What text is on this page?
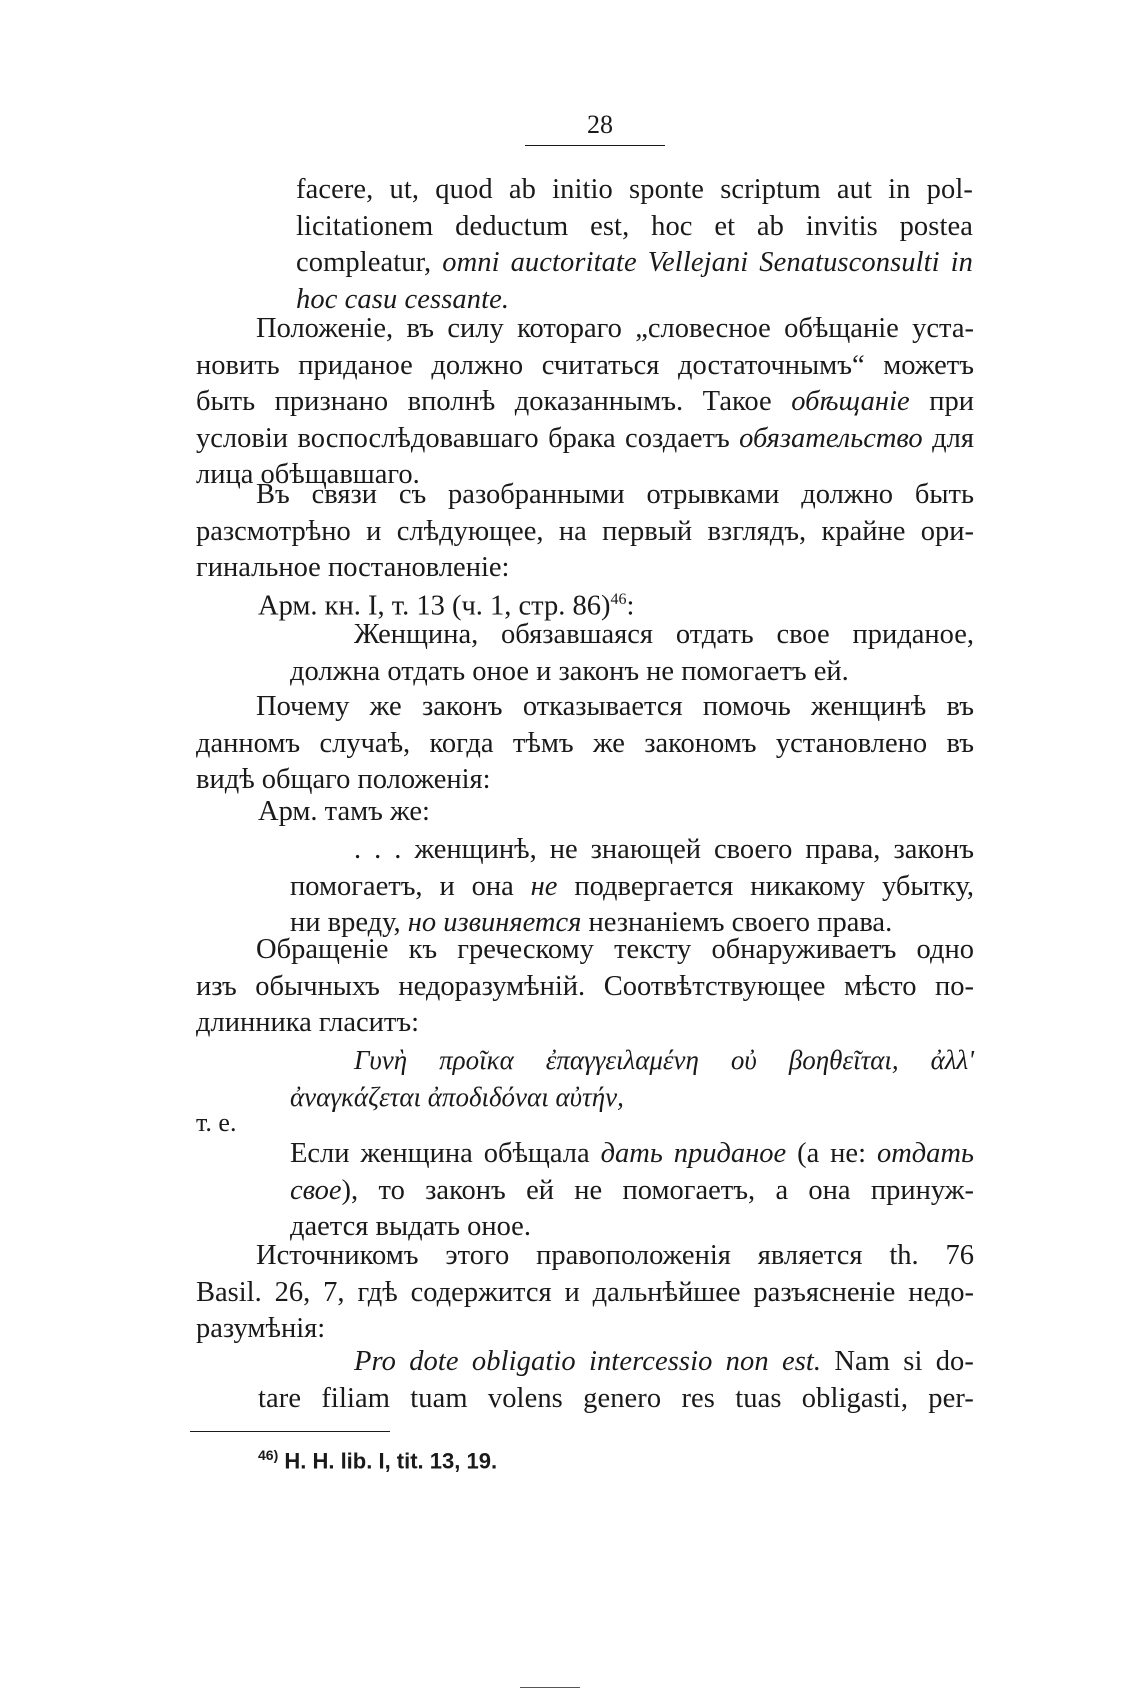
28
facere, ut, quod ab initio sponte scriptum aut in pol-
licitationem deductum est, hoc et ab invitis postea
compleatur, omni auctoritate Vellejani Senatusconsulti in
hoc casu cessante.
Положеніе, въ силу котораго „словесное обѣщаніе уста-
новить приданое должно считаться достаточнымъ“ можетъ
быть признано вполнѣ доказаннымъ. Такое обѣщаніе при
условіи воспослѣдовавшаго брака создаетъ обязательство для
лица обѣщавшаго.
Въ связи съ разобранными отрывками должно быть
разсмотрѣно и слѣдующее, на первый взглядъ, крайне ори-
гинальное постановленіе:
Арм. кн. I, т. 13 (ч. 1, стр. 86)$^{46}$:
Женщина, обязавшаяся отдать свое приданое,
должна отдать оное и законъ не помогаетъ ей.
Почему же законъ отказывается помочь женщинѣ въ
данномъ случаѣ, когда тѣмъ же закономъ установлено въ
видѣ общаго положенія:
Арм. тамъ же:
. . . женщинѣ, не знающей своего права, законъ
помогаетъ, и она не подвергается никакому убытку,
ни вреду, но извиняется незнаніемъ своего права.
Обращеніе къ греческому тексту обнаруживаетъ одно
изъ обычныхъ недоразумѣній. Соотвѣтствующее мѣсто по-
длинника гласитъ:
Γυνὴ προῖκα ἐπαγγειλαμένη οὐ βοηθεῖται, ἀλλ'
ἀναγκάζεται ἀποδιδόναι αὐτήν,
т. е.
Если женщина обѣщала дать приданое (а не: отдать
свое), то законъ ей не помогаетъ, а она принуж-
дается выдать оное.
Источникомъ этого правоположенія является th. 76
Basil. 26, 7, гдѣ содержится и дальнѣйшее разъясненіе недо-
разумѣнія:
Pro dote obligatio intercessio non est. Nam si do-
tare filiam tuam volens genero res tuas obligasti, per-
$^{46)}$ H. H. lib. I, tit. 13, 19.
